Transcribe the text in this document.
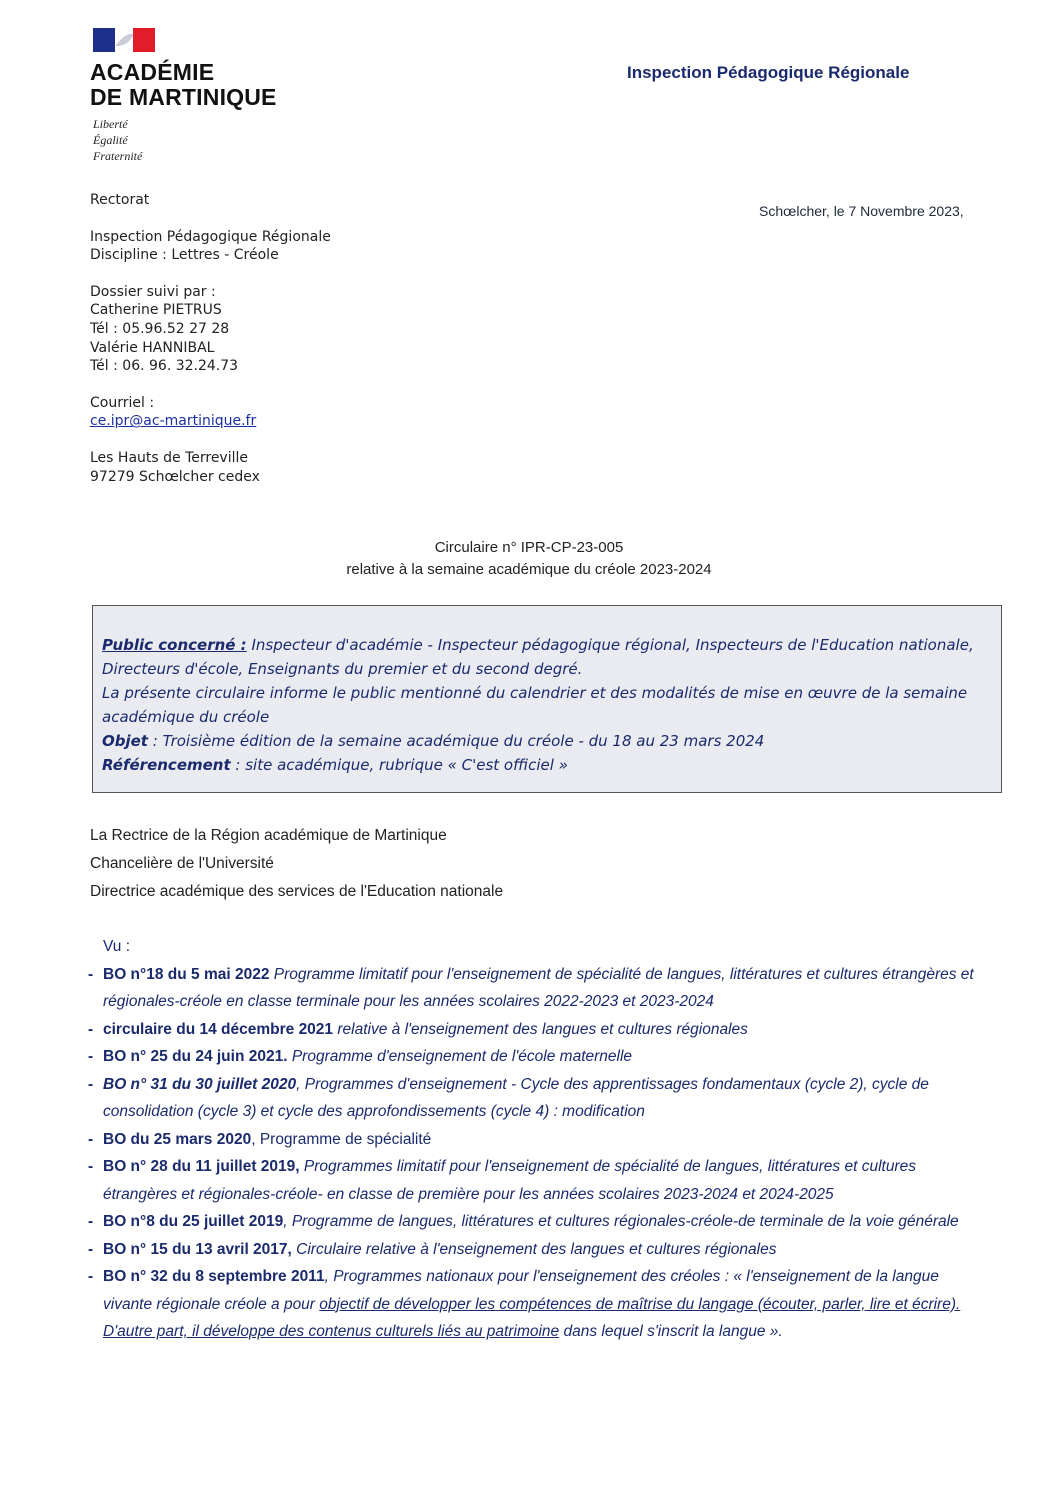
ACADÉMIE
DE MARTINIQUE
Liberté
Égalité
Fraternité
Inspection Pédagogique Régionale
Schœlcher, le 7 Novembre 2023,
Rectorat
Inspection Pédagogique Régionale
Discipline : Lettres - Créole
Dossier suivi par :
Catherine PIETRUS
Tél : 05.96.52 27 28
Valérie HANNIBAL
Tél : 06. 96. 32.24.73
Courriel :
ce.ipr@ac-martinique.fr
Les Hauts de Terreville
97279 Schœlcher cedex
Circulaire n° IPR-CP-23-005
relative à la semaine académique du créole 2023-2024
Public concerné : Inspecteur d'académie - Inspecteur pédagogique régional, Inspecteurs de l'Education nationale, Directeurs d'école, Enseignants du premier et du second degré.
La présente circulaire informe le public mentionné du calendrier et des modalités de mise en œuvre de la semaine académique du créole
Objet : Troisième édition de la semaine académique du créole - du 18 au 23 mars 2024
Référencement : site académique, rubrique « C'est officiel »
La Rectrice de la Région académique de Martinique
Chancelière de l'Université
Directrice académique des services de l'Education nationale
Vu :
- BO n°18 du 5 mai 2022 Programme limitatif pour l'enseignement de spécialité de langues, littératures et cultures étrangères et régionales-créole en classe terminale pour les années scolaires 2022-2023 et 2023-2024
- circulaire du 14 décembre 2021 relative à l'enseignement des langues et cultures régionales
- BO n° 25 du 24 juin 2021. Programme d'enseignement de l'école maternelle
- BO n° 31 du 30 juillet 2020, Programmes d'enseignement - Cycle des apprentissages fondamentaux (cycle 2), cycle de consolidation (cycle 3) et cycle des approfondissements (cycle 4) : modification
- BO du 25 mars 2020, Programme de spécialité
- BO n° 28 du 11 juillet 2019, Programmes limitatif pour l'enseignement de spécialité de langues, littératures et cultures étrangères et régionales-créole- en classe de première pour les années scolaires 2023-2024 et 2024-2025
- BO n°8 du 25 juillet 2019, Programme de langues, littératures et cultures régionales-créole-de terminale de la voie générale
- BO n° 15 du 13 avril 2017, Circulaire relative à l'enseignement des langues et cultures régionales
- BO n° 32 du 8 septembre 2011, Programmes nationaux pour l'enseignement des créoles : « l'enseignement de la langue vivante régionale créole a pour objectif de développer les compétences de maîtrise du langage (écouter, parler, lire et écrire). D'autre part, il développe des contenus culturels liés au patrimoine dans lequel s'inscrit la langue ».
